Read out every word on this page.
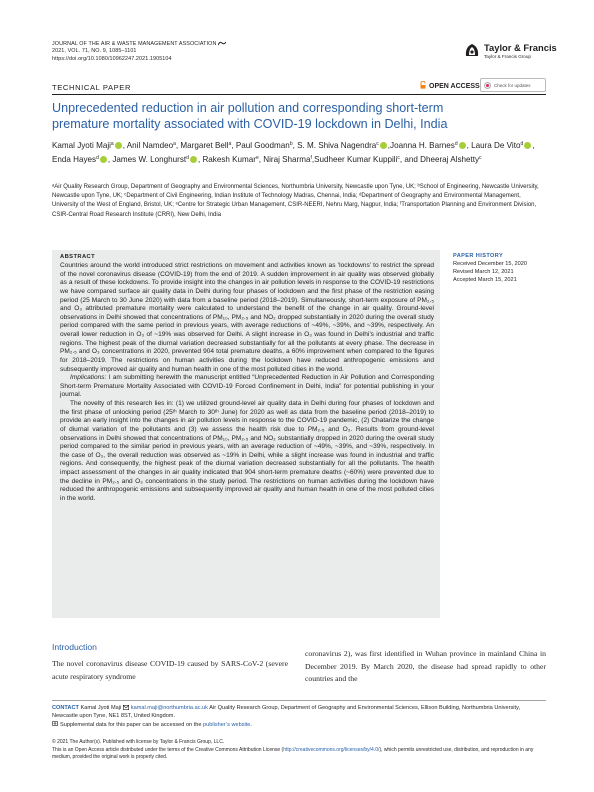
JOURNAL OF THE AIR & WASTE MANAGEMENT ASSOCIATION
2021, VOL. 71, NO. 9, 1085–1101
https://doi.org/10.1080/10962247.2021.1905104
Taylor & Francis
Taylor & Francis Group
TECHNICAL PAPER	OPEN ACCESS	Check for updates
Unprecedented reduction in air pollution and corresponding short-term
premature mortality associated with COVID-19 lockdown in Delhi, India
Kamal Jyoti Maji$^a$ , Anil Namdeo$^a$, Margaret Bell$^a$, Paul Goodman$^b$, S. M. Shiva Nagendra$^c$ ,Joanna H. Barnes$^d$ , Laura De Vito$^d$ , Enda Hayes$^d$ , James W. Longhurst$^d$ , Rakesh Kumar$^e$, Niraj Sharma$^f$,Sudheer Kumar Kuppili$^c$, and Dheeraj Alshetty$^c$
ᵃAir Quality Research Group, Department of Geography and Environmental Sciences, Northumbria University, Newcastle upon Tyne, UK; ᵇSchool of Engineering, Newcastle University, Newcastle upon Tyne, UK; ᶜDepartment of Civil Engineering, Indian Institute of Technology Madras, Chennai, India; ᵈDepartment of Geography and Environmental Management, University of the West of England, Bristol, UK; ᵉCentre for Strategic Urban Management, CSIR-NEERI, Nehru Marg, Nagpur, India; ᶠTransportation Planning and Environment Division, CSIR-Central Road Research Institute (CRRI), New Delhi, India
ABSTRACT

Countries around the world introduced strict restrictions on movement and activities known as ‘lockdowns’ to restrict the spread of the novel coronavirus disease (COVID-19) from the end of 2019. A sudden improvement in air quality was observed globally as a result of these lockdowns. To provide insight into the changes in air pollution levels in response to the COVID-19 restrictions we have compared surface air quality data in Delhi during four phases of lockdown and the first phase of the restriction easing period (25 March to 30 June 2020) with data from a baseline period (2018–2019). Simultaneously, short-term exposure of PM₂.₅ and O₃ attributed premature mortality were calculated to understand the benefit of the change in air quality. Ground-level observations in Delhi showed that concentrations of PM₁₀, PM₂.₅ and NO₂ dropped substantially in 2020 during the overall study period compared with the same period in previous years, with average reductions of ~49%, ~39%, and ~39%, respectively. An overall lower reduction in O₃ of ~19% was observed for Delhi. A slight increase in O₃ was found in Delhi’s industrial and traffic regions. The highest peak of the diurnal variation decreased substantially for all the pollutants at every phase. The decrease in PM₂.₅ and O₃ concentrations in 2020, prevented 904 total premature deaths, a 60% improvement when compared to the figures for 2018–2019. The restrictions on human activities during the lockdown have reduced anthropogenic emissions and subsequently improved air quality and human health in one of the most polluted cities in the world.

Implications: I am submitting herewith the manuscript entitled “Unprecedented Reduction in Air Pollution and Corresponding Short-term Premature Mortality Associated with COVID-19 Forced Confinement in Delhi, India” for potential publishing in your journal.

The novelty of this research lies in: (1) we utilized ground-level air quality data in Delhi during four phases of lockdown and the first phase of unlocking period (25ᵗʰ March to 30ᵗʰ June) for 2020 as well as data from the baseline period (2018–2019) to provide an early insight into the changes in air pollution levels in response to the COVID-19 pandemic, (2) Chatarize the change of diurnal variation of the pollutants and (3) we assess the health risk due to PM₂.₅ and O₃. Results from ground-level observations in Delhi showed that concentrations of PM₁₀, PM₂.₅ and NO₂ substantially dropped in 2020 during the overall study period compared to the similar period in previous years, with an average reduction of ~49%, ~39%, and ~39%, respectively. In the case of O₃, the overall reduction was observed as ~19% in Delhi, while a slight increase was found in industrial and traffic regions. And consequently, the highest peak of the diurnal variation decreased substantially for all the pollutants. The health impact assessment of the changes in air quality indicated that 904 short-term premature deaths (~60%) were prevented due to the decline in PM₂.₅ and O₃ concentrations in the study period. The restrictions on human activities during the lockdown have reduced the anthropogenic emissions and subsequently improved air quality and human health in one of the most polluted cities in the world.

PAPER HISTORY
Received December 15, 2020
Revised March 12, 2021
Accepted March 15, 2021
Introduction
The novel coronavirus disease COVID-19 caused by SARS-CoV-2 (severe acute respiratory syndrome
coronavirus 2), was first identified in Wuhan province in mainland China in December 2019. By March 2020, the disease had spread rapidly to other countries and the
CONTACT Kamal Jyoti Maji kamal.maji@northumbria.ac.uk Air Quality Research Group, Department of Geography and Environmental Sciences, Ellison Building, Northumbria University, Newcastle upon Tyne, NE1 8ST, United Kingdom.
Supplemental data for this paper can be accessed on the publisher’s website.
© 2021 The Author(s). Published with license by Taylor & Francis Group, LLC.
This is an Open Access article distributed under the terms of the Creative Commons Attribution License (http://creativecommons.org/licenses/by/4.0/), which permits unrestricted use, distribution, and reproduction in any medium, provided the original work is properly cited.
